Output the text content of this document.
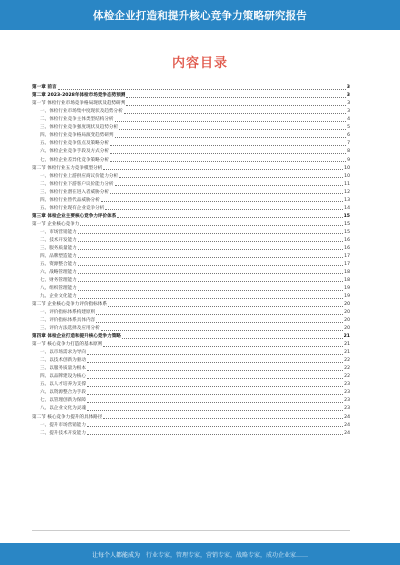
体检企业打造和提升核心竞争力策略研究报告
内容目录
第一章 前言	3
第二章 2023-2028年体检市场竞争态势预测	3
第一节 体检行业市场竞争格局现状及趋势研判	3
一、体检行业市场集中度现状及趋势分析	3
二、体检行业竞争主体类型结构分析	4
三、体检行业竞争强度现状及趋势分析	5
四、体检行业竞争格局演变趋势研判	6
五、体检行业竞争焦点及策略分析	7
六、体检企业竞争手段及方式分析	8
七、体检企业差异化竞争策略分析	9
第二节 体检行业五力竞争模型分析	10
一、体检行业上游供应商议价能力分析	10
二、体检行业下游客户议价能力分析	11
三、体检行业潜在进入者威胁分析	12
四、体检行业替代品威胁分析	13
五、体检行业现有企业竞争分析	14
第三章 体检企业主要核心竞争力评价体系	15
第一节 企业核心竞争力	15
一、市场营销能力	15
二、技术开发能力	16
三、服务质量能力	16
四、品牌塑造能力	17
五、资源整合能力	17
六、战略管理能力	18
七、财务管理能力	18
八、组织管理能力	19
九、企业文化能力	19
第二节 企业核心竞争力评价指标体系	20
一、评价指标体系构建原则	20
二、评价指标体系具体内容	20
三、评价方法选择及应用分析	20
第四章 体检企业打造和提升核心竞争力策略	21
第一节 核心竞争力打造的基本原则	21
一、以市场需求为导向	21
二、以技术创新为驱动	22
三、以服务质量为根本	22
四、以品牌建设为核心	22
五、以人才培养为支撑	23
六、以资源整合为手段	23
七、以管理创新为保障	23
八、以企业文化为灵魂	23
第二节 核心竞争力提升的具体路径	24
一、提升市场营销能力	24
二、提升技术开发能力	24
让每个人都能成为 行业专家，管理专家，营销专家，战略专家，成功企业家……
